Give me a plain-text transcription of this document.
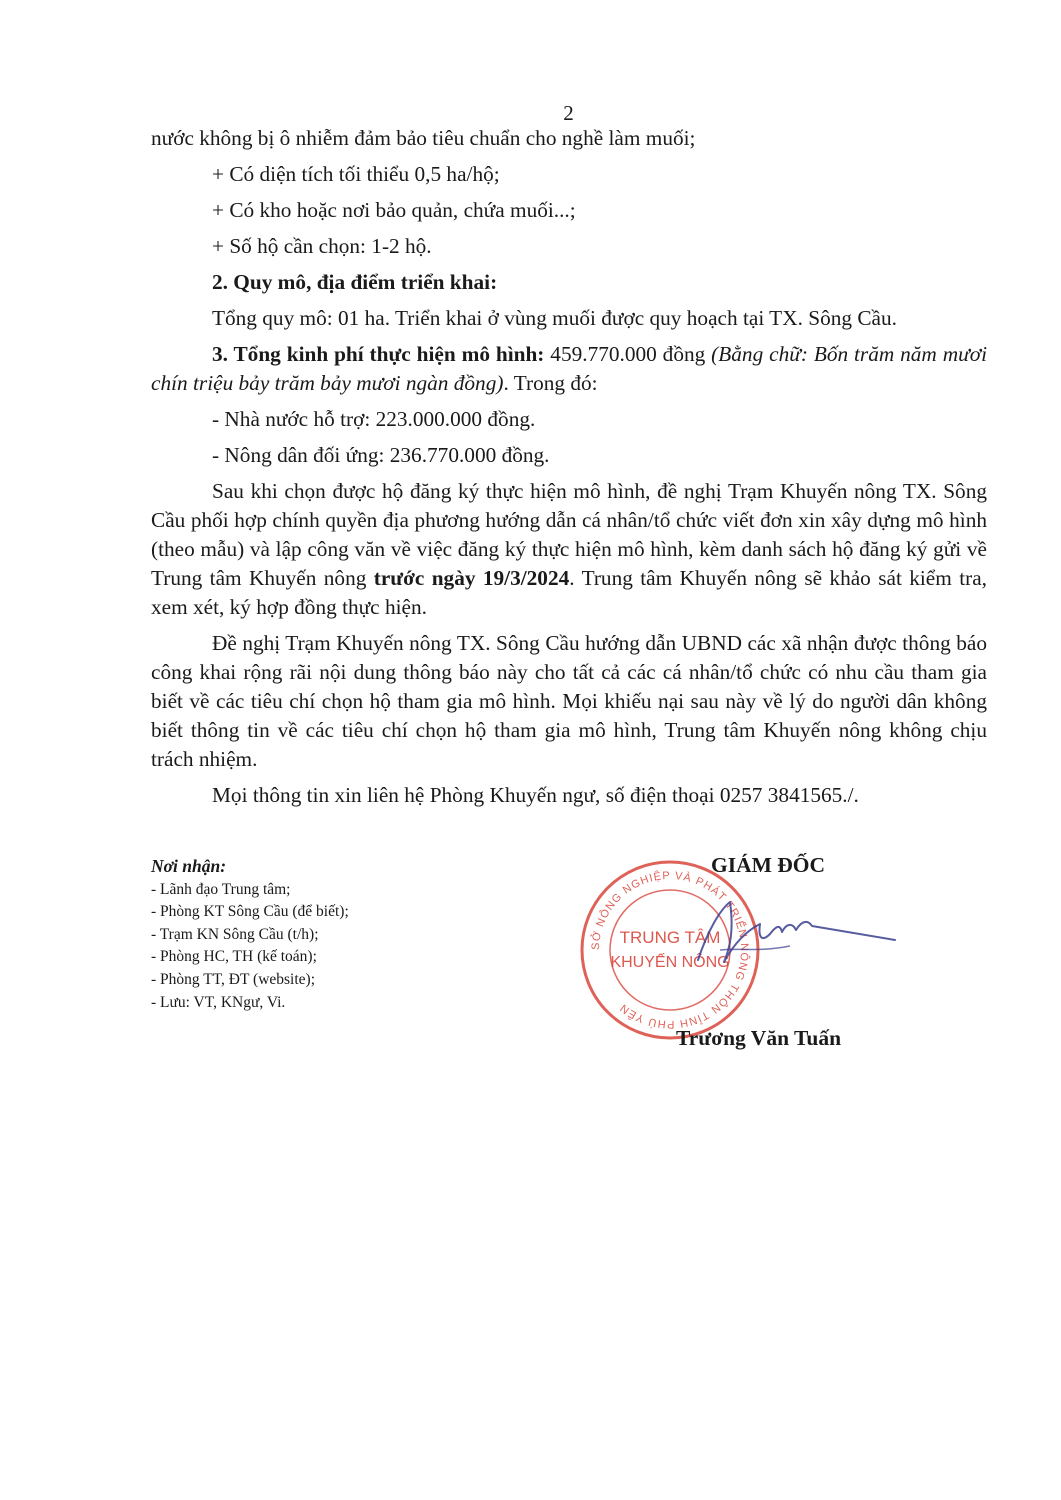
2

nước không bị ô nhiễm đảm bảo tiêu chuẩn cho nghề làm muối;

+ Có diện tích tối thiểu 0,5 ha/hộ;

+ Có kho hoặc nơi bảo quản, chứa muối...;

+ Số hộ cần chọn: 1-2 hộ.

2. Quy mô, địa điểm triển khai:

Tổng quy mô: 01 ha. Triển khai ở vùng muối được quy hoạch tại TX. Sông Cầu.

3. Tổng kinh phí thực hiện mô hình: 459.770.000 đồng (Bằng chữ: Bốn trăm năm mươi chín triệu bảy trăm bảy mươi ngàn đồng). Trong đó:

- Nhà nước hỗ trợ: 223.000.000 đồng.

- Nông dân đối ứng: 236.770.000 đồng.

Sau khi chọn được hộ đăng ký thực hiện mô hình, đề nghị Trạm Khuyến nông TX. Sông Cầu phối hợp chính quyền địa phương hướng dẫn cá nhân/tổ chức viết đơn xin xây dựng mô hình (theo mẫu) và lập công văn về việc đăng ký thực hiện mô hình, kèm danh sách hộ đăng ký gửi về Trung tâm Khuyến nông trước ngày 19/3/2024. Trung tâm Khuyến nông sẽ khảo sát kiểm tra, xem xét, ký hợp đồng thực hiện.

Đề nghị Trạm Khuyến nông TX. Sông Cầu hướng dẫn UBND các xã nhận được thông báo công khai rộng rãi nội dung thông báo này cho tất cả các cá nhân/tổ chức có nhu cầu tham gia biết về các tiêu chí chọn hộ tham gia mô hình. Mọi khiếu nại sau này về lý do người dân không biết thông tin về các tiêu chí chọn hộ tham gia mô hình, Trung tâm Khuyến nông không chịu trách nhiệm.

Mọi thông tin xin liên hệ Phòng Khuyến ngư, số điện thoại 0257 3841565./.

Nơi nhận:
- Lãnh đạo Trung tâm;
- Phòng KT Sông Cầu (để biết);
- Trạm KN Sông Cầu (t/h);
- Phòng HC, TH (kế toán);
- Phòng TT, ĐT (website);
- Lưu: VT, KNgư, Vi.
GIÁM ĐỐC
SỞ NÔNG NGHIỆP VÀ PHÁT TRIỂN NÔNG THÔN TỈNH PHÚ YÊN
TRUNG TÂM
KHUYẾN NÔNG
Trương Văn Tuấn
